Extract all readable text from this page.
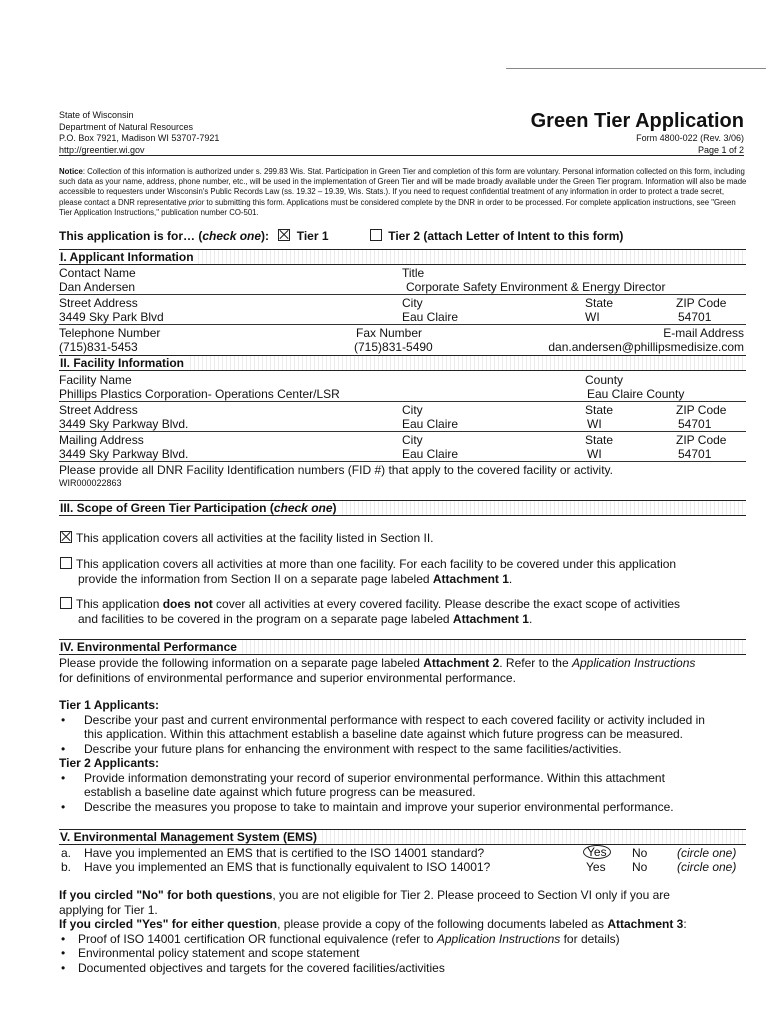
State of Wisconsin
Department of Natural Resources
P.O. Box 7921, Madison WI 53707-7921
http://greentier.wi.gov
Green Tier Application
Form 4800-022 (Rev. 3/06)
Page 1 of 2
Notice: Collection of this information is authorized under s. 299.83 Wis. Stat. Participation in Green Tier and completion of this form are voluntary. Personal information collected on this form, including such data as your name, address, phone number, etc., will be used in the implementation of Green Tier and will be made broadly available under the Green Tier program. Information will also be made accessible to requesters under Wisconsin's Public Records Law (ss. 19.32 – 19.39, Wis. Stats.). If you need to request confidential treatment of any information in order to protect a trade secret, please contact a DNR representative prior to submitting this form. Applications must be considered complete by the DNR in order to be processed. For complete application instructions, see "Green Tier Application Instructions," publication number CO-501.
This application is for… (check one): Tier 1	Tier 2 (attach Letter of Intent to this form)
I. Applicant Information
Contact Name	Title
Dan Andersen	Corporate Safety Environment & Energy Director
Street Address	City	State	ZIP Code
3449 Sky Park Blvd	Eau Claire	WI	54701
Telephone Number	Fax Number	E-mail Address
(715)831-5453	(715)831-5490	dan.andersen@phillipsmedisize.com
II. Facility Information
Facility Name	County
Phillips Plastics Corporation- Operations Center/LSR	Eau Claire County
Street Address	City	State	ZIP Code
3449 Sky Parkway Blvd.	Eau Claire	WI	54701
Mailing Address	City	State	ZIP Code
3449 Sky Parkway Blvd.	Eau Claire	WI	54701
Please provide all DNR Facility Identification numbers (FID #) that apply to the covered facility or activity.
WIR000022863
III. Scope of Green Tier Participation (check one)
This application covers all activities at the facility listed in Section II.
This application covers all activities at more than one facility. For each facility to be covered under this application
provide the information from Section II on a separate page labeled Attachment 1.
This application does not cover all activities at every covered facility. Please describe the exact scope of activities
and facilities to be covered in the program on a separate page labeled Attachment 1.
IV. Environmental Performance
Please provide the following information on a separate page labeled Attachment 2. Refer to the Application Instructions
for definitions of environmental performance and superior environmental performance.
Tier 1 Applicants:
• Describe your past and current environmental performance with respect to each covered facility or activity included in
this application. Within this attachment establish a baseline date against which future progress can be measured.
• Describe your future plans for enhancing the environment with respect to the same facilities/activities.
Tier 2 Applicants:
• Provide information demonstrating your record of superior environmental performance. Within this attachment
establish a baseline date against which future progress can be measured.
• Describe the measures you propose to take to maintain and improve your superior environmental performance.
V. Environmental Management System (EMS)
a. Have you implemented an EMS that is certified to the ISO 14001 standard?	Yes	No (circle one)
b. Have you implemented an EMS that is functionally equivalent to ISO 14001?	Yes No (circle one)
If you circled "No" for both questions, you are not eligible for Tier 2. Please proceed to Section VI only if you are
applying for Tier 1.
If you circled "Yes" for either question, please provide a copy of the following documents labeled as Attachment 3:
• Proof of ISO 14001 certification OR functional equivalence (refer to Application Instructions for details)
• Environmental policy statement and scope statement
• Documented objectives and targets for the covered facilities/activities
